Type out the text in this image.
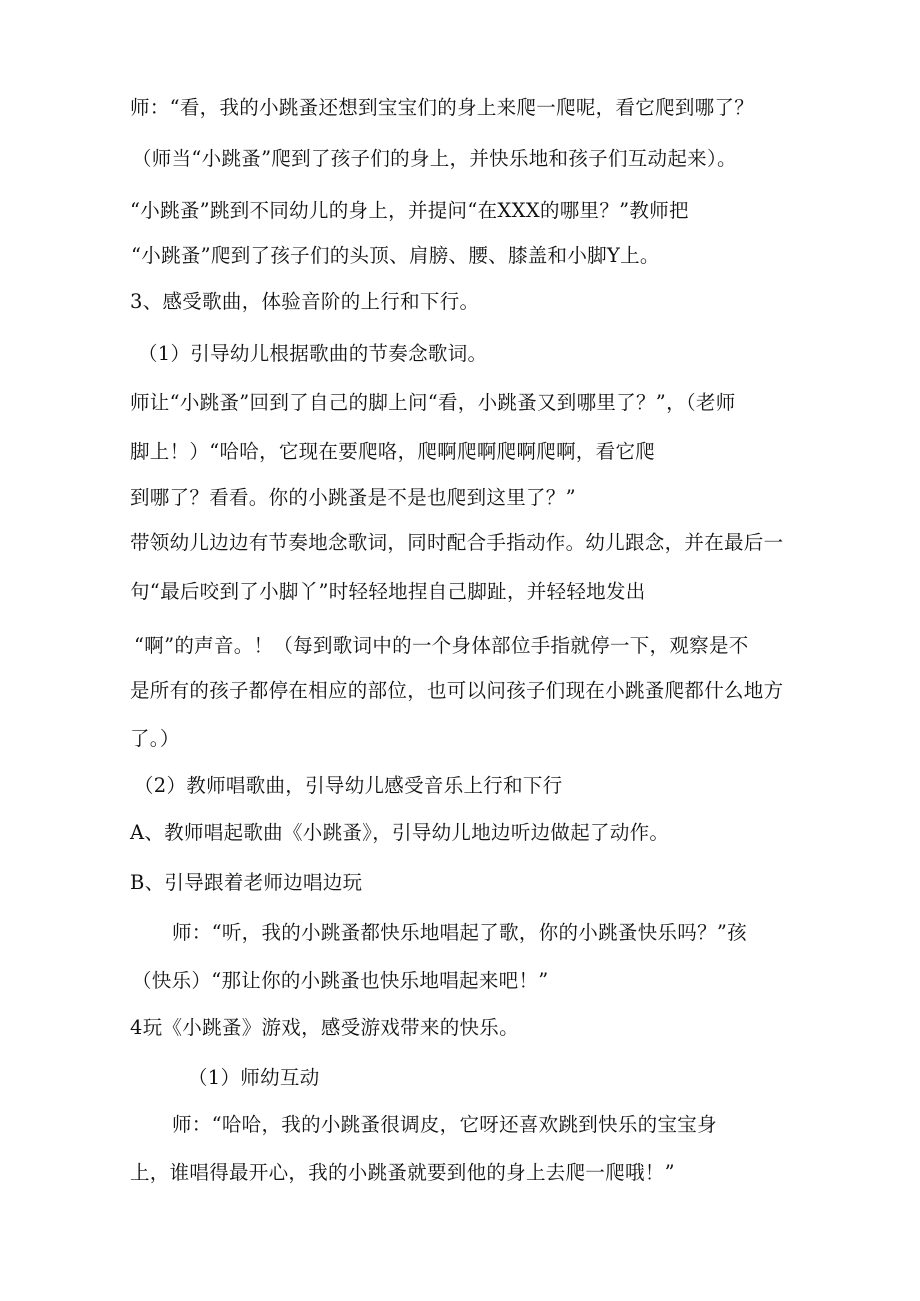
师：“看，我的小跳蚤还想到宝宝们的身上来爬一爬呢，看它爬到哪了？
（师当“小跳蚤”爬到了孩子们的身上，并快乐地和孩子们互动起来）。
“小跳蚤”跳到不同幼儿的身上，并提问“在XXX的哪里？”教师把
“小跳蚤”爬到了孩子们的头顶、肩膀、腰、膝盖和小脚Y上。
3、感受歌曲，体验音阶的上行和下行。
（1）引导幼儿根据歌曲的节奏念歌词。
师让“小跳蚤”回到了自己的脚上问“看，小跳蚤又到哪里了？”，（老师
脚上！）“哈哈，它现在要爬咯，爬啊爬啊爬啊爬啊，看它爬
到哪了？看看。你的小跳蚤是不是也爬到这里了？”
带领幼儿边边有节奏地念歌词，同时配合手指动作。幼儿跟念，并在最后一
句“最后咬到了小脚丫”时轻轻地捏自己脚趾，并轻轻地发出
“啊”的声音。！（每到歌词中的一个身体部位手指就停一下，观察是不
是所有的孩子都停在相应的部位，也可以问孩子们现在小跳蚤爬都什么地方
了。）
（2）教师唱歌曲，引导幼儿感受音乐上行和下行
A、教师唱起歌曲《小跳蚤》，引导幼儿地边听边做起了动作。
B、引导跟着老师边唱边玩
师：“听，我的小跳蚤都快乐地唱起了歌，你的小跳蚤快乐吗？”孩
（快乐）“那让你的小跳蚤也快乐地唱起来吧！”
4玩《小跳蚤》游戏，感受游戏带来的快乐。
（1）师幼互动
师：“哈哈，我的小跳蚤很调皮，它呀还喜欢跳到快乐的宝宝身
上，谁唱得最开心，我的小跳蚤就要到他的身上去爬一爬哦！”
